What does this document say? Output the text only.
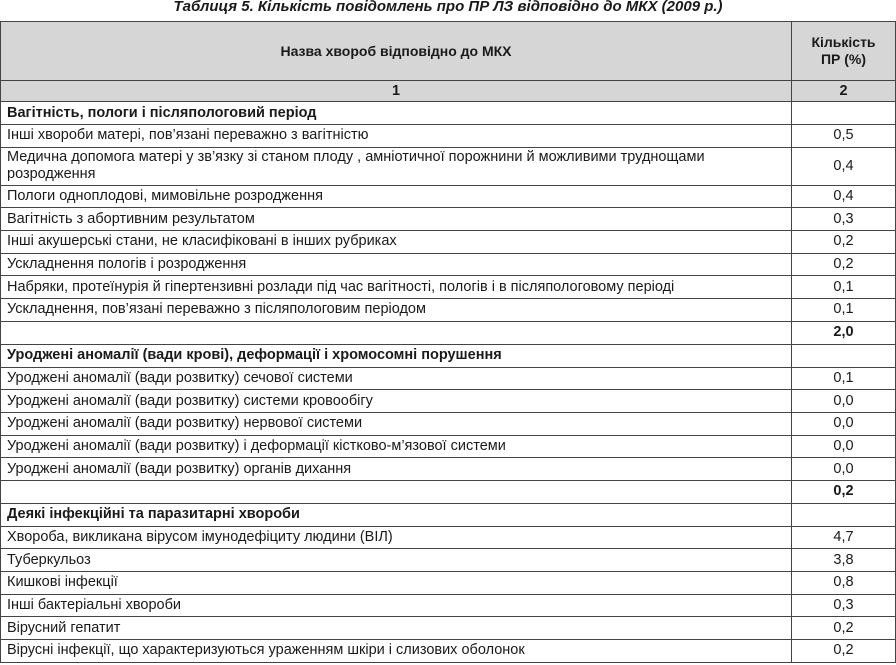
Таблиця 5. Кількість повідомлень про ПР ЛЗ відповідно до МКХ (2009 р.)
Назва хвороб відповідно до МКХ	Кількість
ПР (%)
1	2
Вагітність, пологи і післяпологовий період	
Інші хвороби матері, пов’язані переважно з вагітністю	0,5
Медична допомога матері у зв’язку зі станом плоду , амніотичної порожнини й можливими труднощами розродження	0,4
Пологи одноплодові, мимовільне розродження	0,4
Вагітність з абортивним результатом	0,3
Інші акушерські стани, не класифіковані в інших рубриках	0,2
Ускладнення пологів і розродження	0,2
Набряки, протеїнурія й гіпертензивні розлади під час вагітності, пологів і в післяпологовому періоді	0,1
Ускладнення, пов’язані переважно з післяпологовим періодом	0,1
	2,0
Уроджені аномалії (вади крові), деформації і хромосомні порушення	
Уроджені аномалії (вади розвитку) сечової системи	0,1
Уроджені аномалії (вади розвитку) системи кровообігу	0,0
Уроджені аномалії (вади розвитку) нервової системи	0,0
Уроджені аномалії (вади розвитку) і деформації кістково-м’язової системи	0,0
Уроджені аномалії (вади розвитку) органів дихання	0,0
	0,2
Деякі інфекційні та паразитарні хвороби	
Хвороба, викликана вірусом імунодефіциту людини (ВІЛ)	4,7
Туберкульоз	3,8
Кишкові інфекції	0,8
Інші бактеріальні хвороби	0,3
Вірусний гепатит	0,2
Вірусні інфекції, що характеризуються ураженням шкіри і слизових оболонок	0,2
